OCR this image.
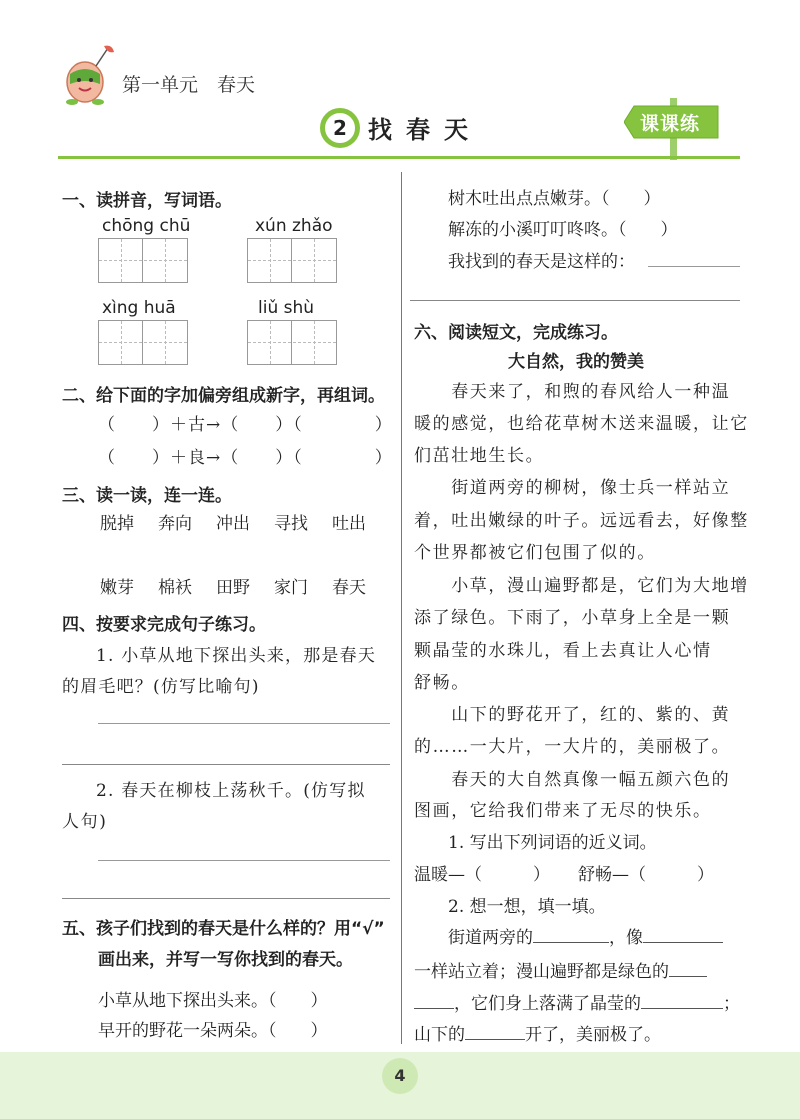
第一单元　春天
2 找春天	课课练
一、读拼音，写词语。
chōng chū	xún zhǎo
xìng huā	liǔ shù
二、给下面的字加偏旁组成新字，再组词。
（　　）＋古→（　　）（　　　　）
（　　）＋良→（　　）（　　　　）
三、读一读，连一连。
脱掉 奔向 冲出 寻找 吐出
嫩芽 棉袄 田野 家门 春天
四、按要求完成句子练习。
1. 小草从地下探出头来，那是春天
的眉毛吧？(仿写比喻句)
2. 春天在柳枝上荡秋千。(仿写拟
人句)
五、孩子们找到的春天是什么样的？用“√”
画出来，并写一写你找到的春天。
小草从地下探出头来。（　　）
早开的野花一朵两朵。（　　）
树木吐出点点嫩芽。（　　）
解冻的小溪叮叮咚咚。（　　）
我找到的春天是这样的：
六、阅读短文，完成练习。
大自然，我的赞美
　　春天来了，和煦的春风给人一种温
暖的感觉，也给花草树木送来温暖，让它
们茁壮地生长。
　　街道两旁的柳树，像士兵一样站立
着，吐出嫩绿的叶子。远远看去，好像整
个世界都被它们包围了似的。
　　小草，漫山遍野都是，它们为大地增
添了绿色。下雨了，小草身上全是一颗
颗晶莹的水珠儿，看上去真让人心情
舒畅。
　　山下的野花开了，红的、紫的、黄
的……一大片，一大片的，美丽极了。
　　春天的大自然真像一幅五颜六色的
图画，它给我们带来了无尽的快乐。
1. 写出下列词语的近义词。
温暖—（　　　） 舒畅—（　　　）
2. 想一想，填一填。
街道两旁的	，像
一样站立着；漫山遍野都是绿色的
，它们身上落满了晶莹的	；
山下的	开了，美丽极了。
4
